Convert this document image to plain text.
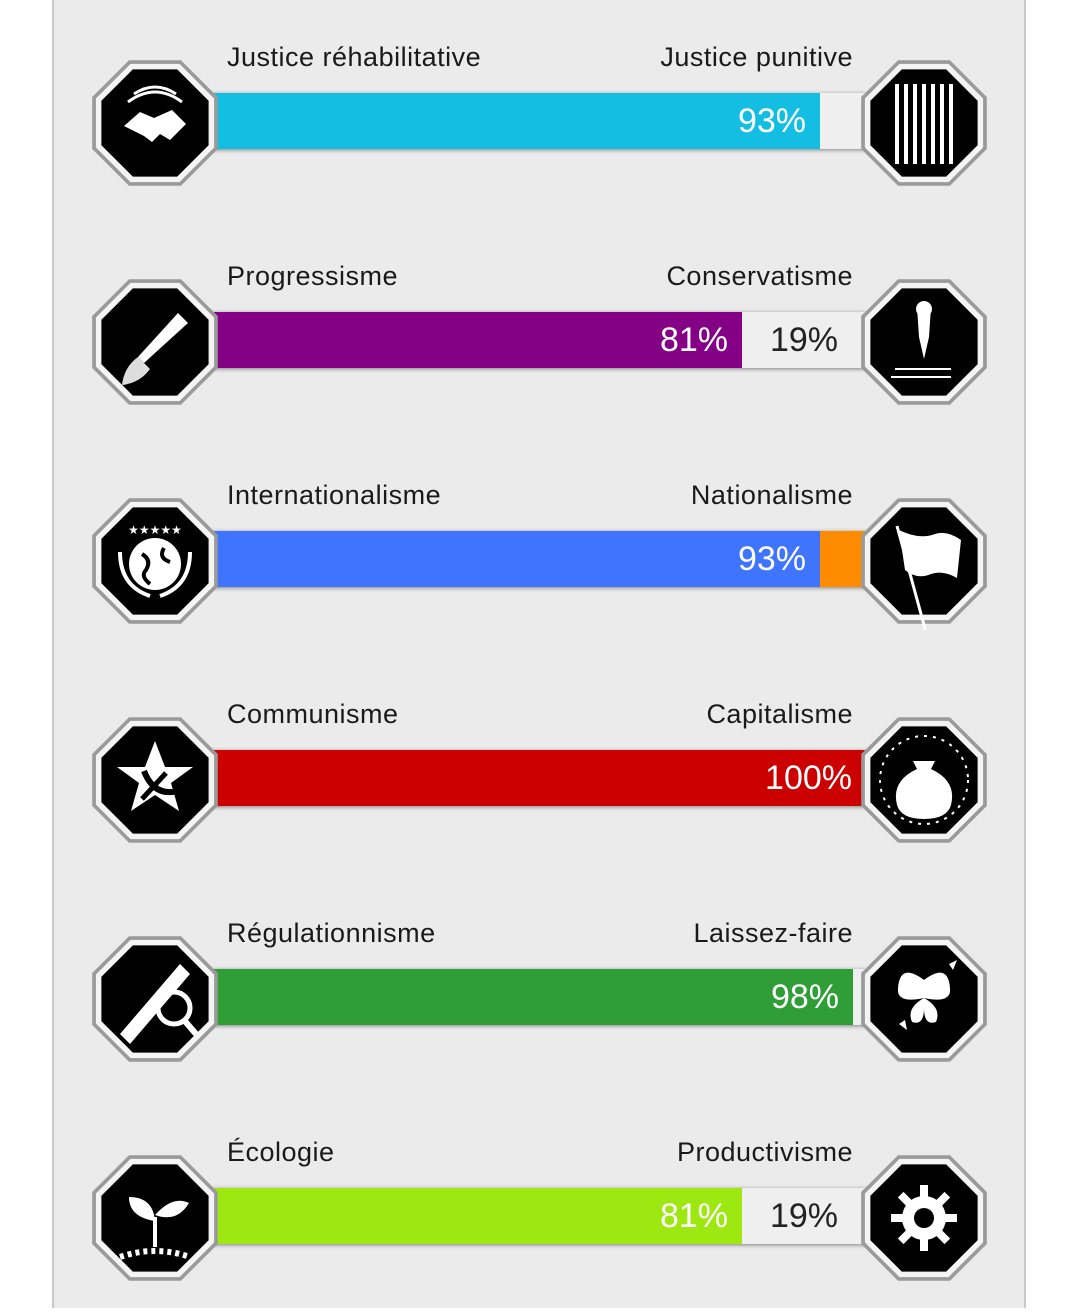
Justice réhabilitative	Justice punitive
93%
Progressisme	Conservatisme
81%	19%
Internationalisme	Nationalisme
93%
★★★★★
Communisme	Capitalisme
100%
Régulationnisme	Laissez-faire
98%
Écologie	Productivisme
81%	19%
